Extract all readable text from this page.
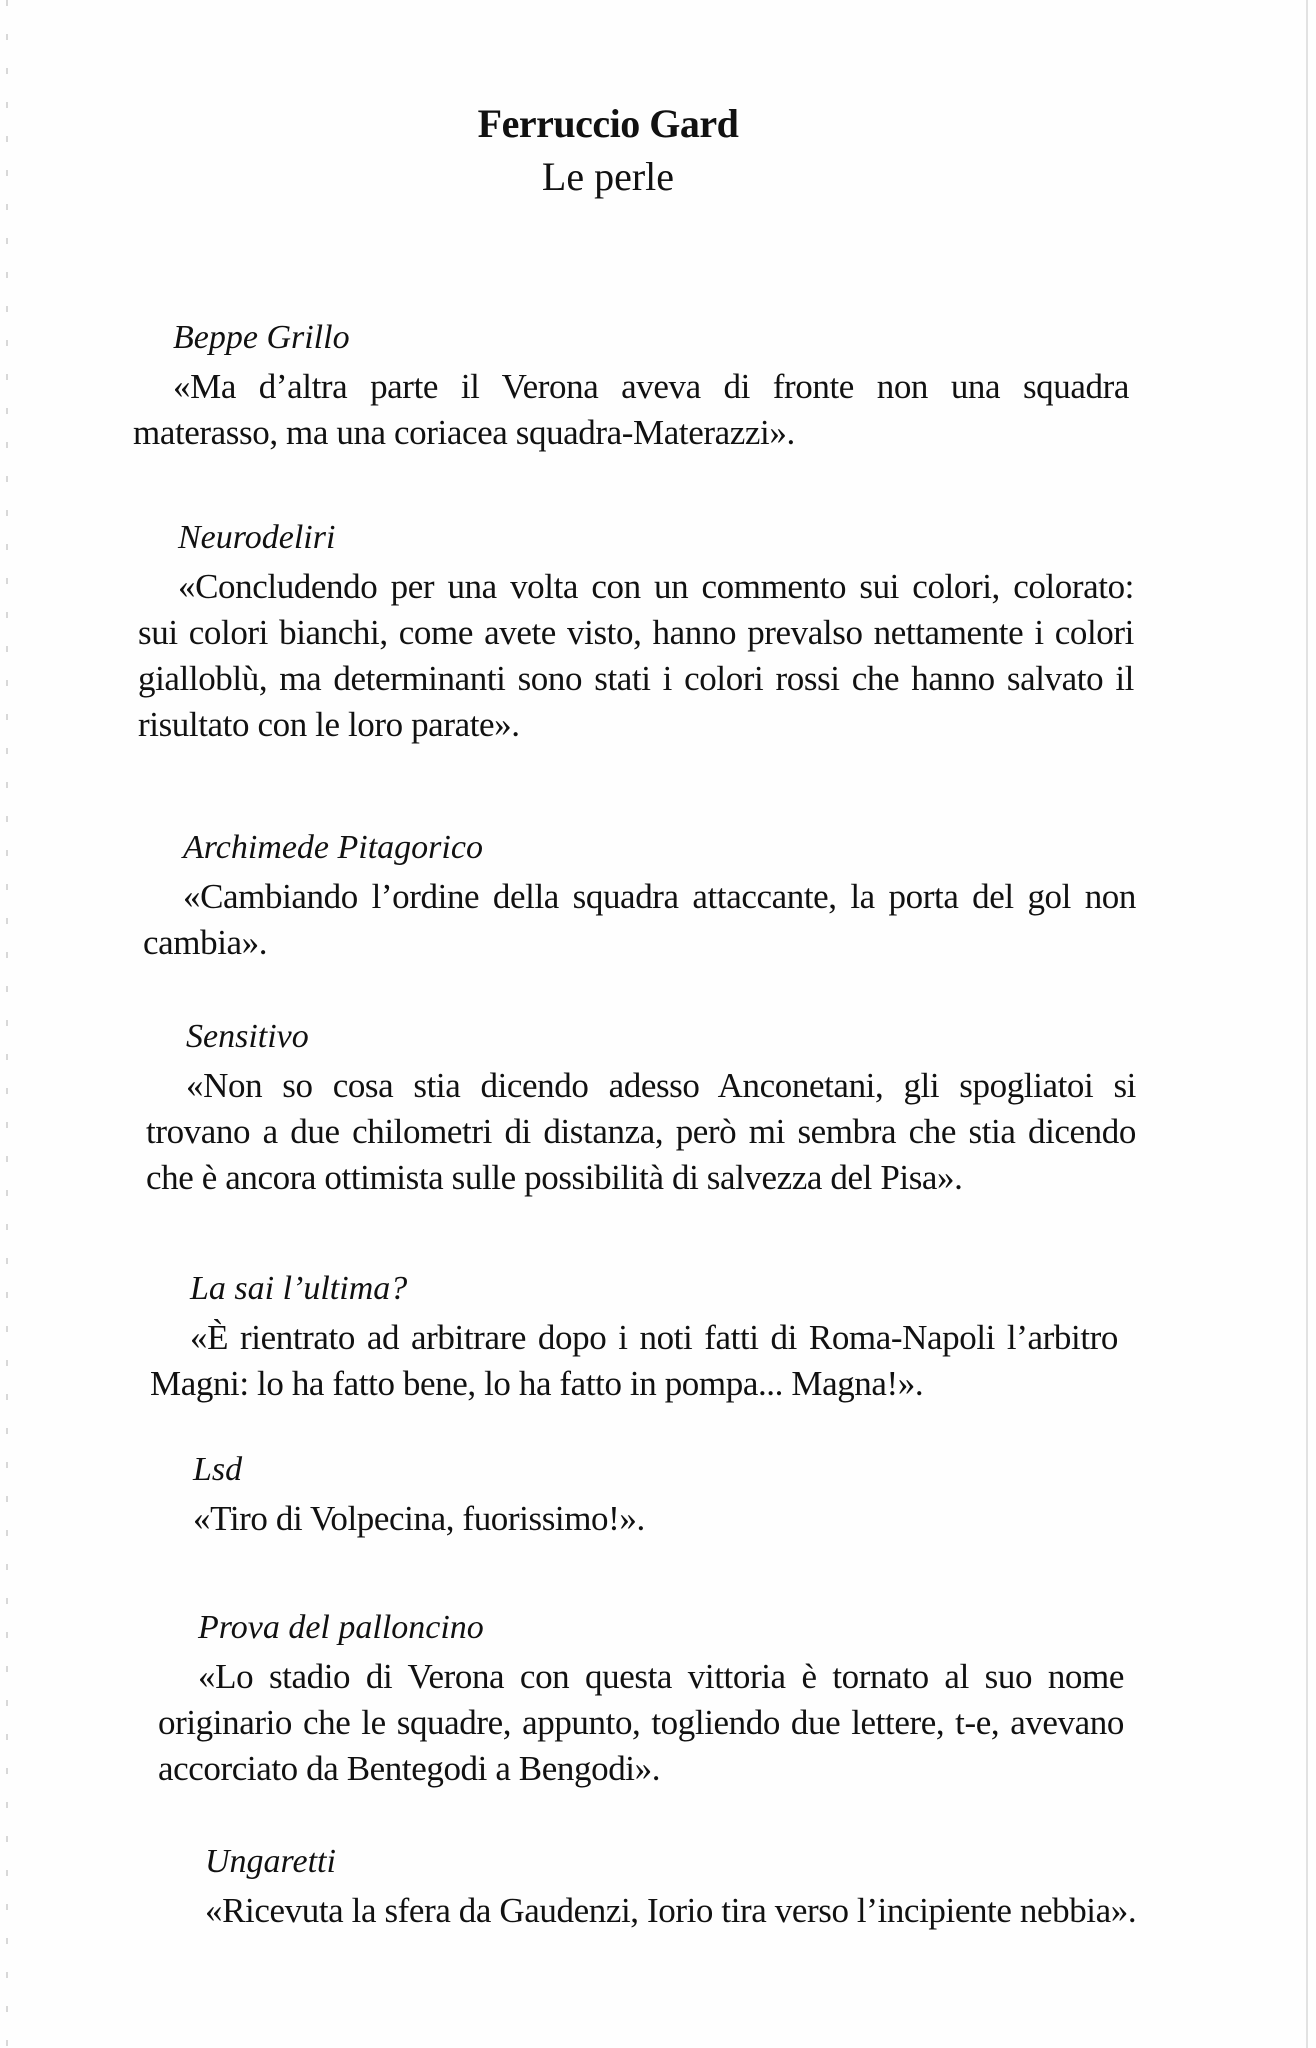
Ferruccio Gard
Le perle

Beppe Grillo

«Ma d’altra parte il Verona aveva di fronte non una squadra materasso, ma una coriacea squadra-Materazzi».

Neurodeliri

«Concludendo per una volta con un commento sui colori, colorato: sui colori bianchi, come avete visto, hanno prevalso nettamente i colori gialloblù, ma determinanti sono stati i colori rossi che hanno salvato il risultato con le loro parate».

Archimede Pitagorico

«Cambiando l’ordine della squadra attaccante, la porta del gol non cambia».

Sensitivo

«Non so cosa stia dicendo adesso Anconetani, gli spogliatoi si trovano a due chilometri di distanza, però mi sembra che stia dicendo che è ancora ottimista sulle possibilità di salvezza del Pisa».

La sai l’ultima?

«È rientrato ad arbitrare dopo i noti fatti di Roma-Napoli l’arbitro Magni: lo ha fatto bene, lo ha fatto in pompa... Magna!».

Lsd

«Tiro di Volpecina, fuorissimo!».

Prova del palloncino

«Lo stadio di Verona con questa vittoria è tornato al suo nome originario che le squadre, appunto, togliendo due lettere, t-e, avevano accorciato da Bentegodi a Bengodi».

Ungaretti

«Ricevuta la sfera da Gaudenzi, Iorio tira verso l’incipiente nebbia».
